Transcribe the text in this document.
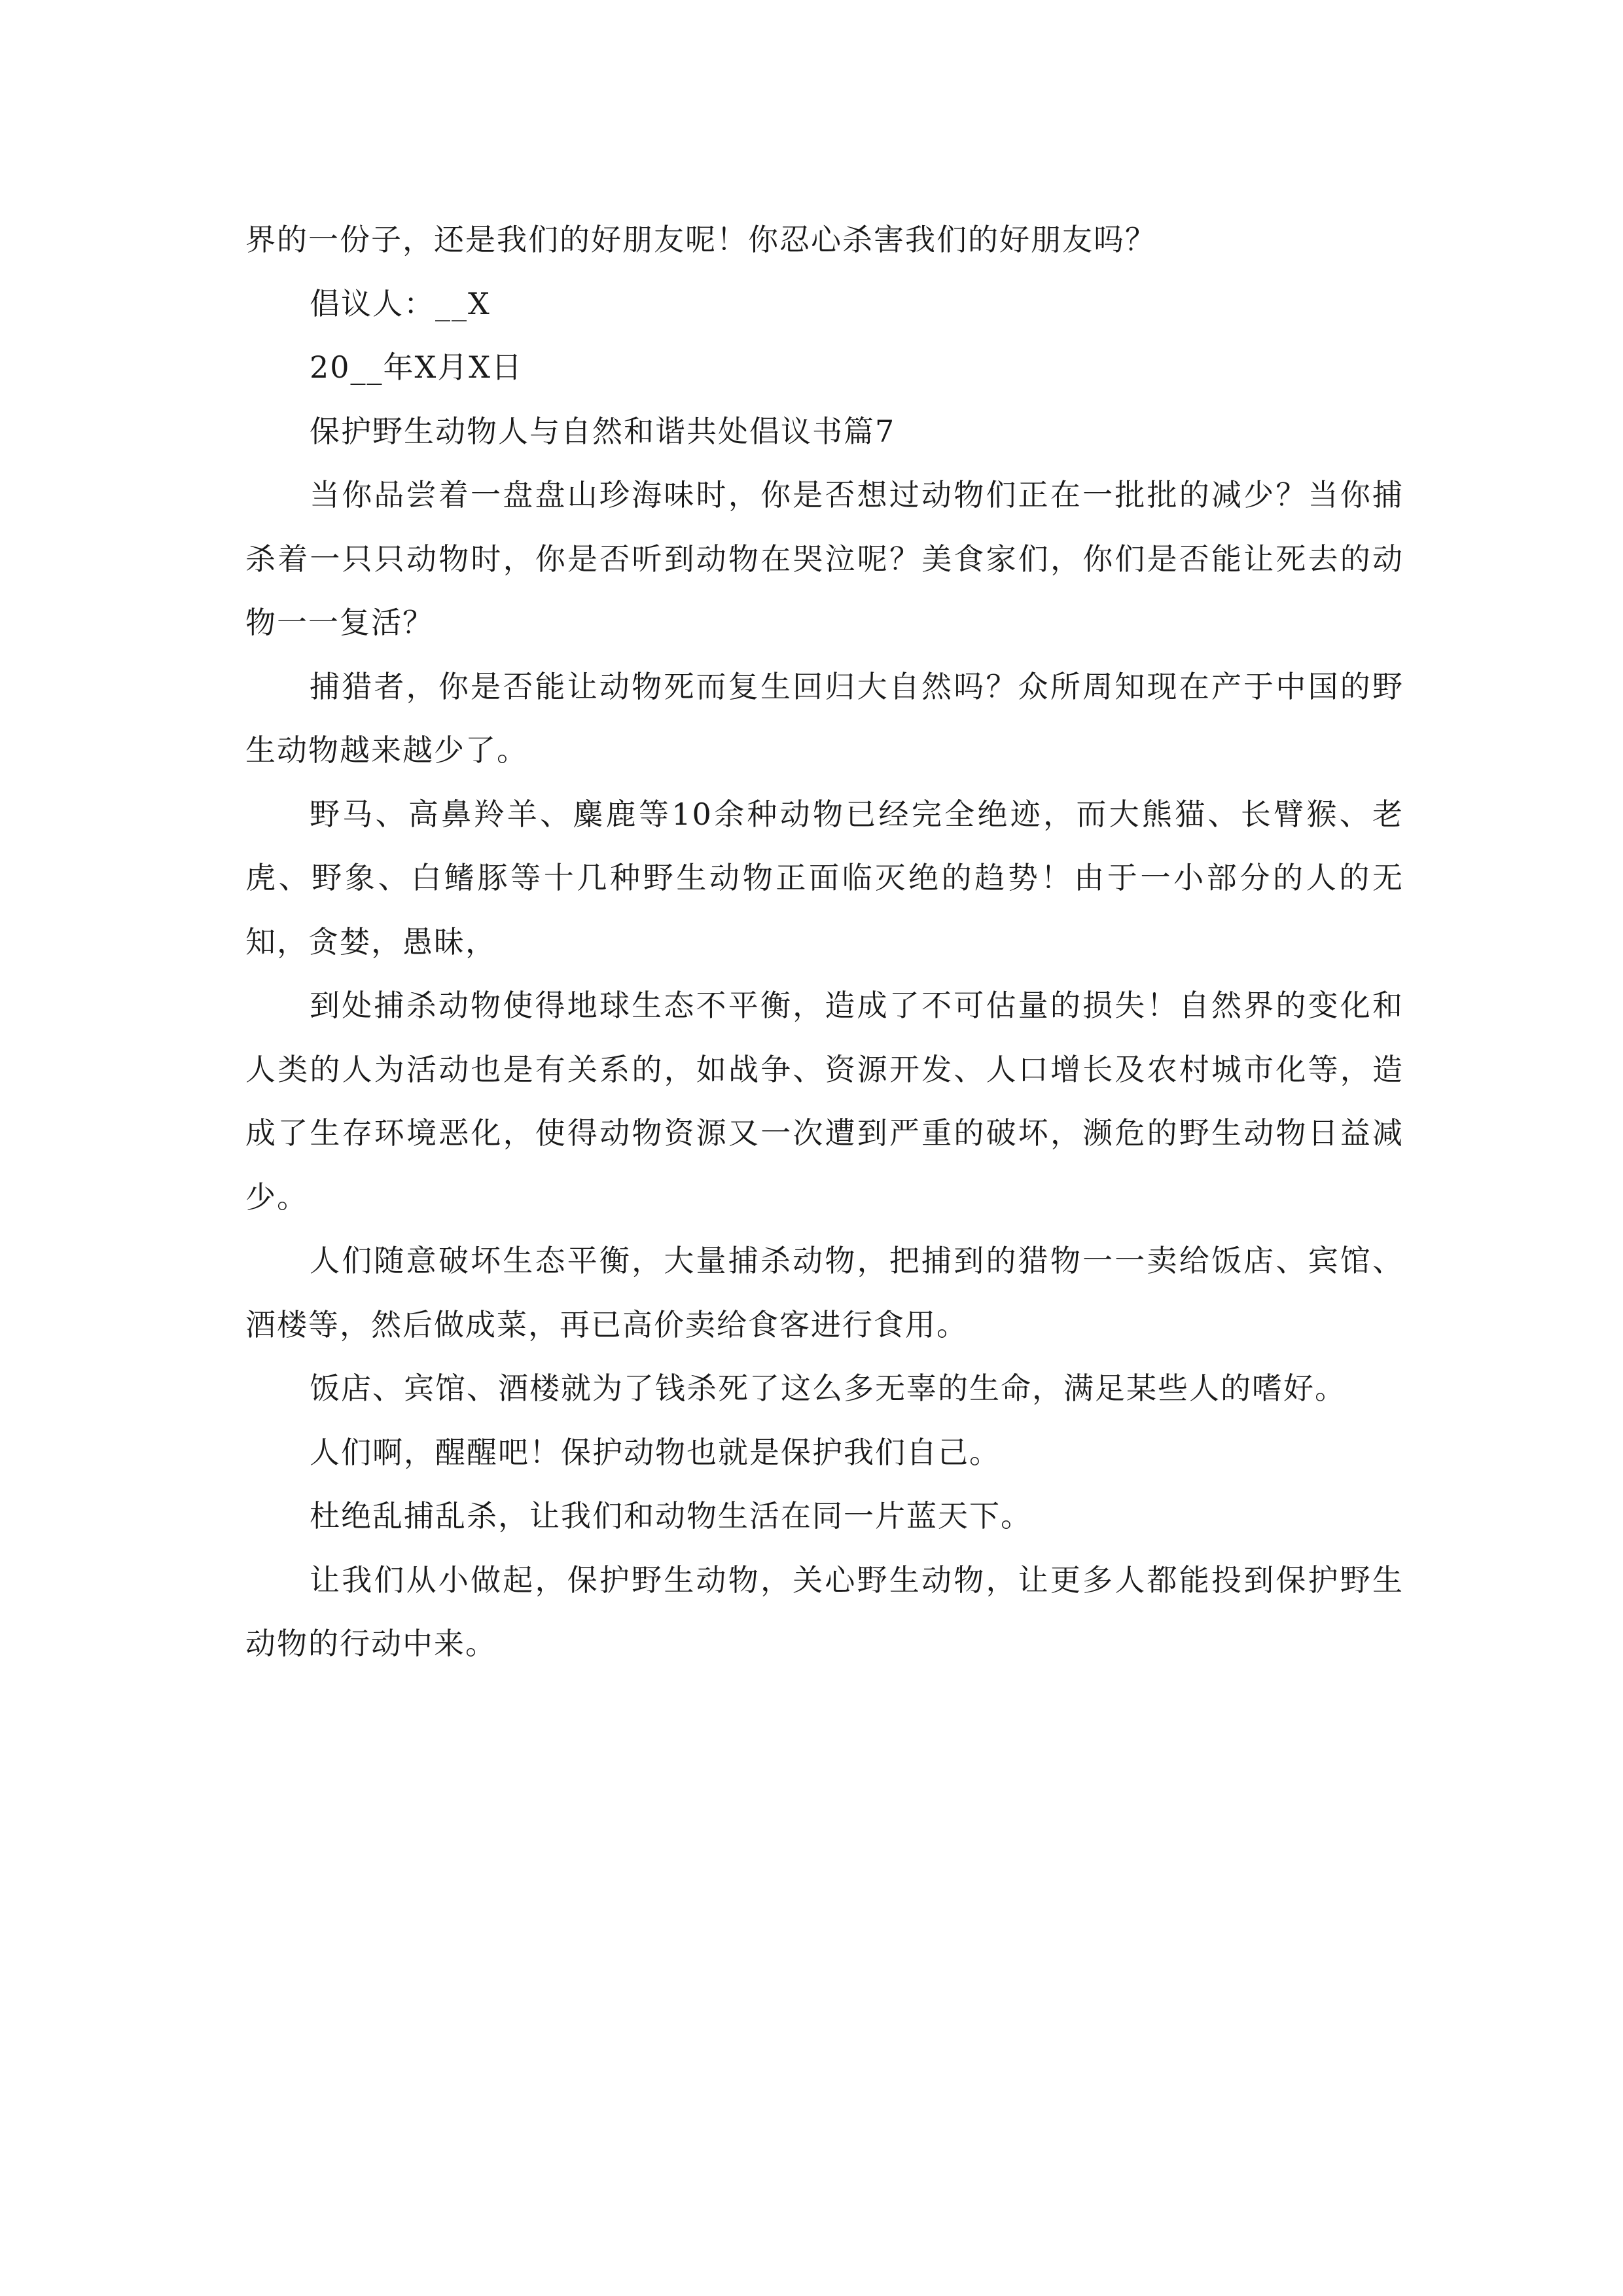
界的一份子，还是我们的好朋友呢！你忍心杀害我们的好朋友吗？

倡议人：__X

20__年X月X日

保护野生动物人与自然和谐共处倡议书篇7

当你品尝着一盘盘山珍海味时，你是否想过动物们正在一批批的减少？当你捕杀着一只只动物时，你是否听到动物在哭泣呢？美食家们，你们是否能让死去的动物一一复活？

捕猎者，你是否能让动物死而复生回归大自然吗？众所周知现在产于中国的野生动物越来越少了。

野马、高鼻羚羊、麋鹿等10余种动物已经完全绝迹，而大熊猫、长臂猴、老虎、野象、白鳍豚等十几种野生动物正面临灭绝的趋势！由于一小部分的人的无知，贪婪，愚昧，

到处捕杀动物使得地球生态不平衡，造成了不可估量的损失！自然界的变化和人类的人为活动也是有关系的，如战争、资源开发、人口增长及农村城市化等，造成了生存环境恶化，使得动物资源又一次遭到严重的破坏，濒危的野生动物日益减少。

人们随意破坏生态平衡，大量捕杀动物，把捕到的猎物一一卖给饭店、宾馆、酒楼等，然后做成菜，再已高价卖给食客进行食用。

饭店、宾馆、酒楼就为了钱杀死了这么多无辜的生命，满足某些人的嗜好。

人们啊，醒醒吧！保护动物也就是保护我们自己。

杜绝乱捕乱杀，让我们和动物生活在同一片蓝天下。

让我们从小做起，保护野生动物，关心野生动物，让更多人都能投到保护野生动物的行动中来。
